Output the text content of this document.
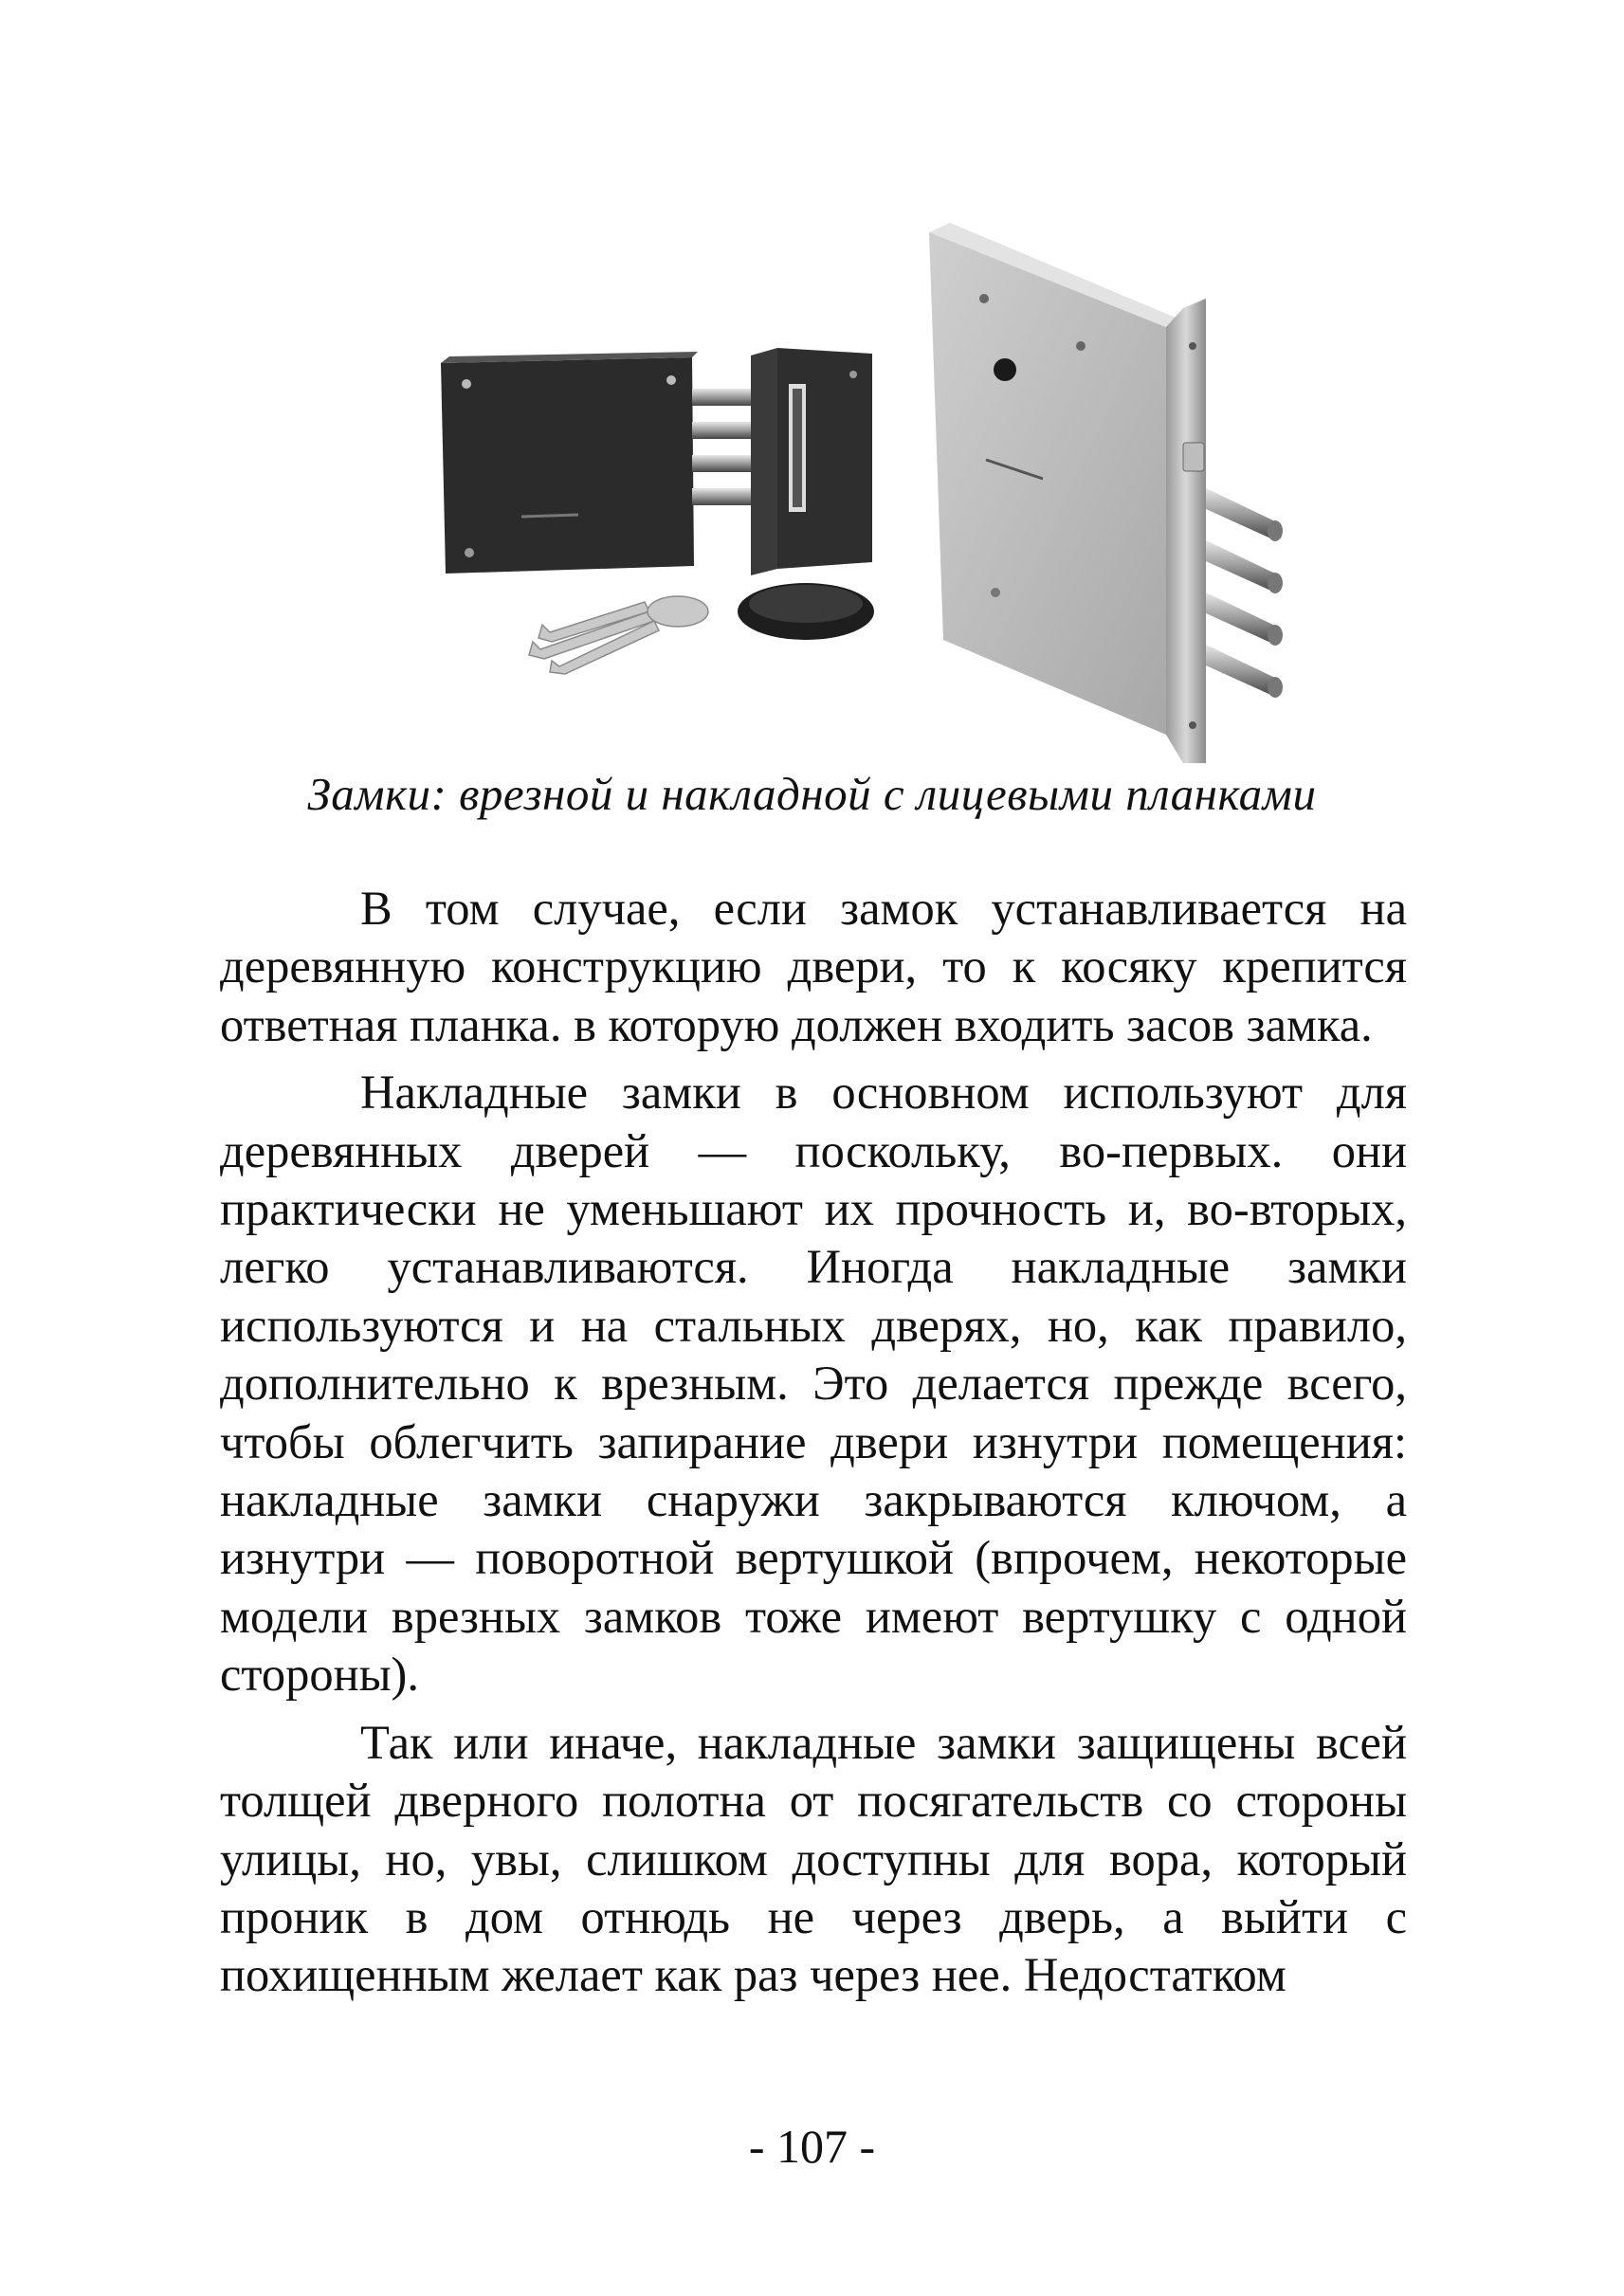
Замки: врезной и накладной с лицевыми планками

В том случае, если замок устанавливается на деревянную конструкцию двери, то к косяку крепится ответная планка. в которую должен входить засов замка.

Накладные замки в основном используют для деревянных дверей — поскольку, во-первых. они практически не уменьшают их прочность и, во-вторых, легко устанавливаются. Иногда накладные замки используются и на стальных дверях, но, как правило, дополнительно к врезным. Это делается прежде всего, чтобы облегчить запирание двери изнутри помещения: накладные замки снаружи закрываются ключом, а изнутри — поворотной вертушкой (впрочем, некоторые модели врезных замков тоже имеют вертушку с одной стороны).

Так или иначе, накладные замки защищены всей толщей дверного полотна от посягательств со стороны улицы, но, увы, слишком доступны для вора, который проник в дом отнюдь не через дверь, а выйти с похищенным желает как раз через нее. Недостатком

- 107 -
